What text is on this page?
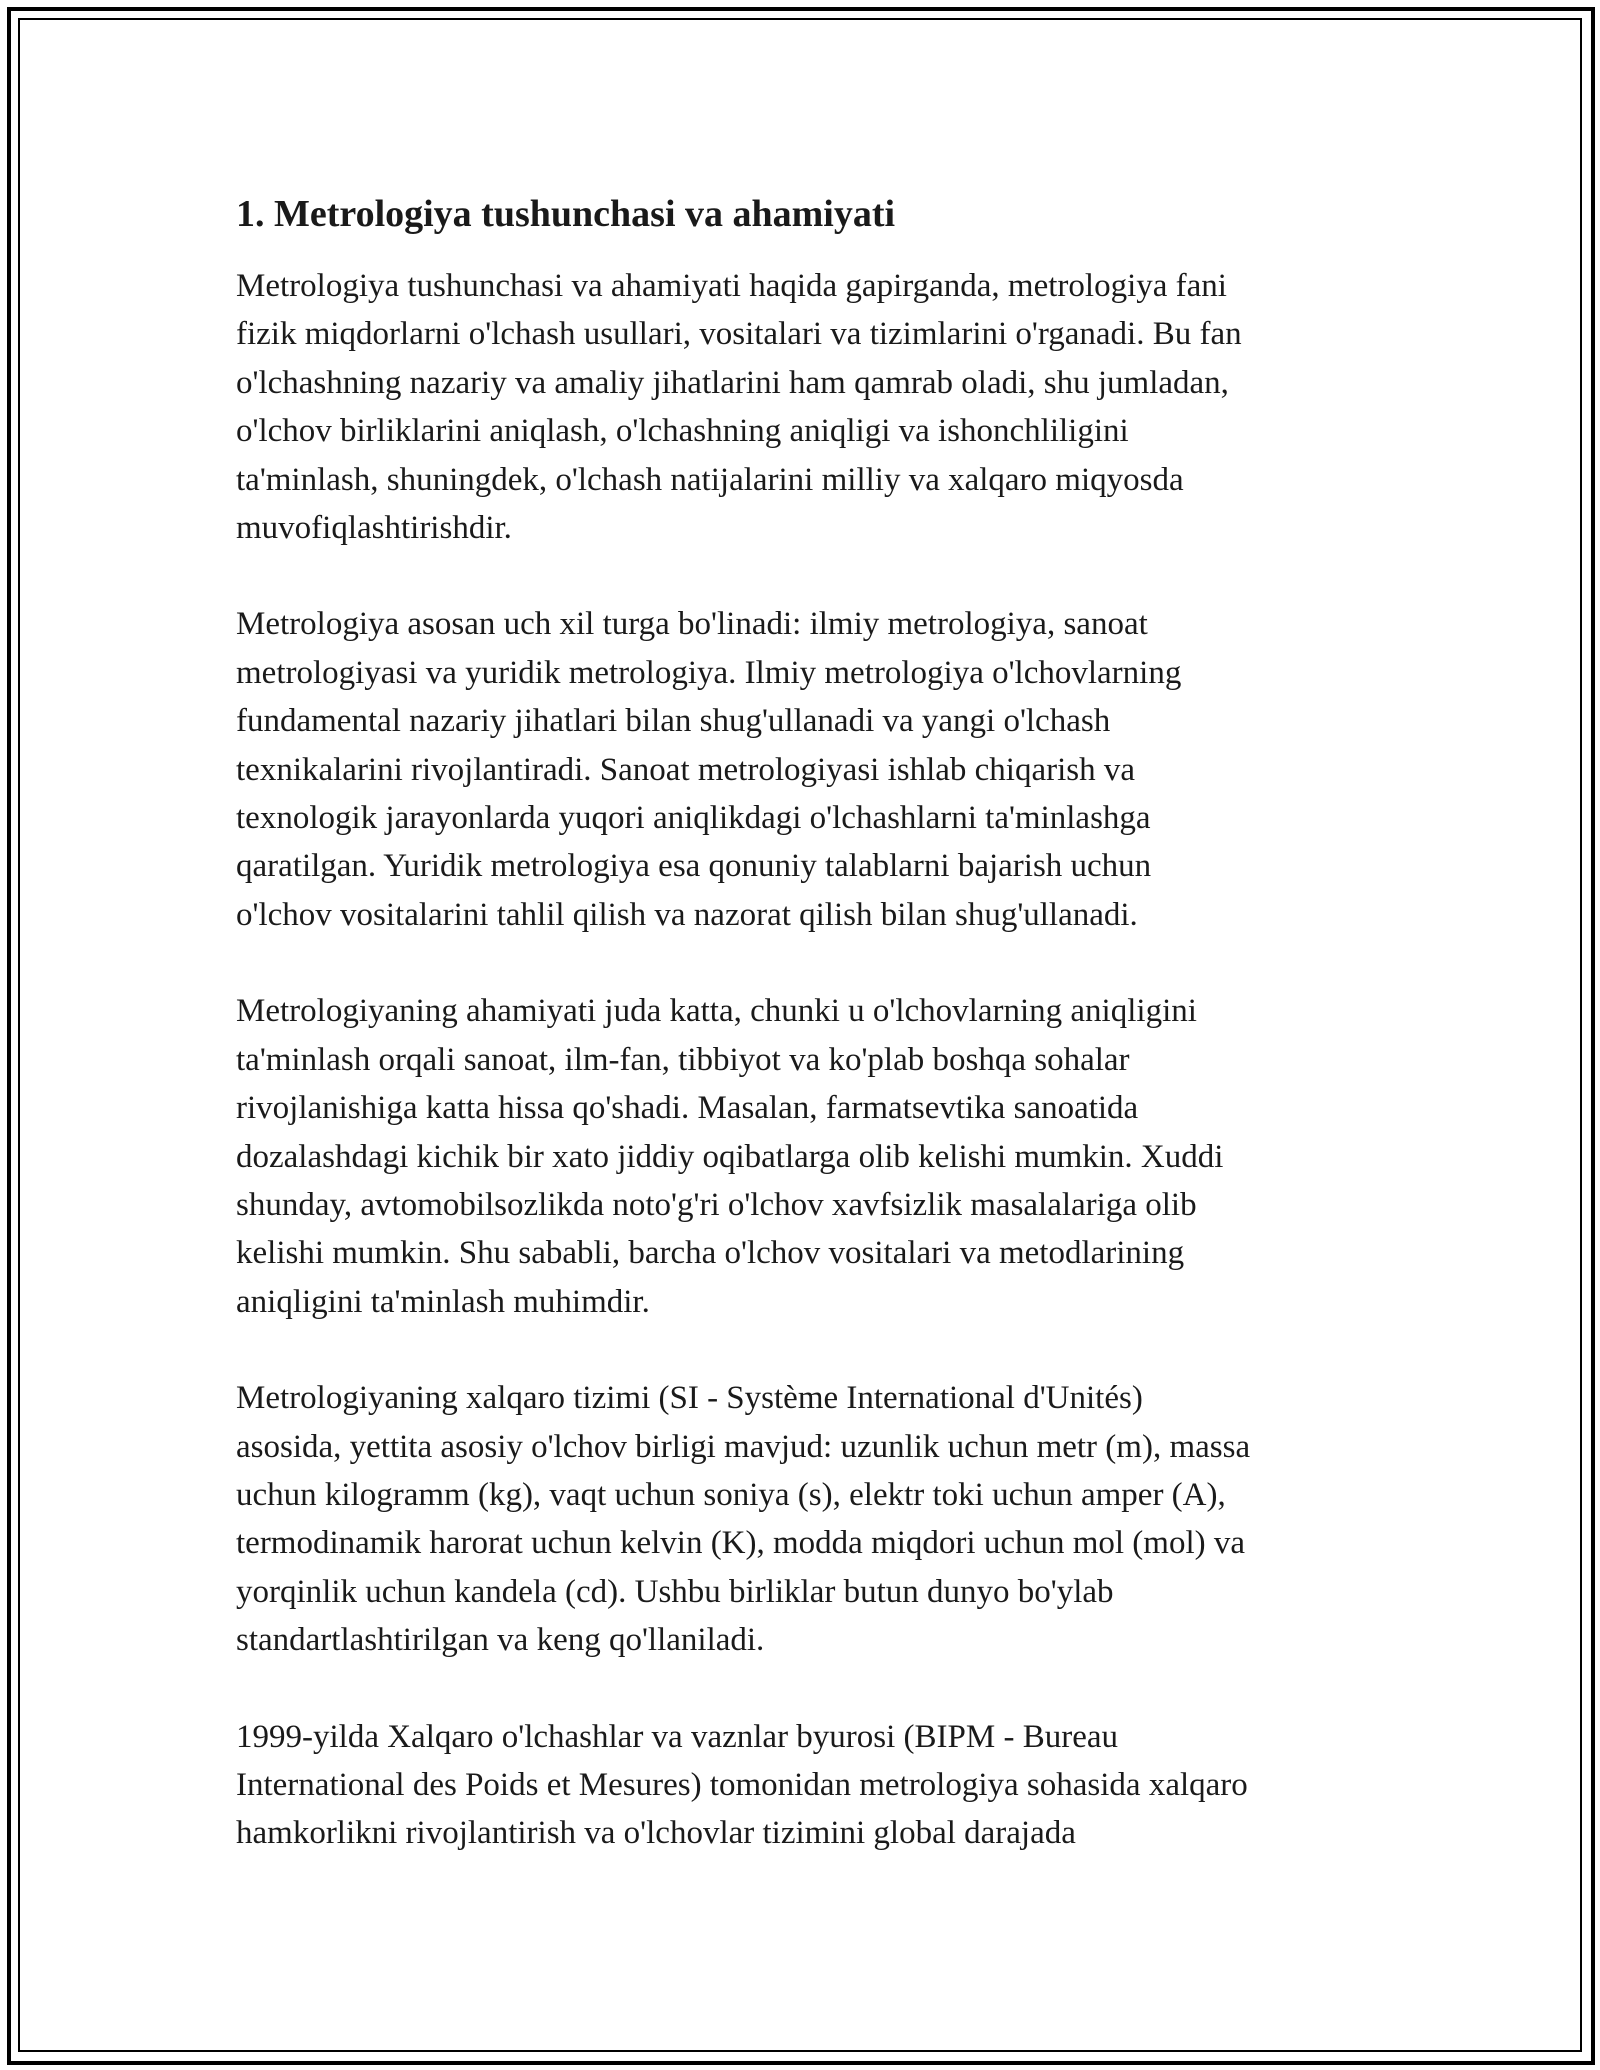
1. Metrologiya tushunchasi va ahamiyati

Metrologiya tushunchasi va ahamiyati haqida gapirganda, metrologiya fani
fizik miqdorlarni o'lchash usullari, vositalari va tizimlarini o'rganadi. Bu fan
o'lchashning nazariy va amaliy jihatlarini ham qamrab oladi, shu jumladan,
o'lchov birliklarini aniqlash, o'lchashning aniqligi va ishonchliligini
ta'minlash, shuningdek, o'lchash natijalarini milliy va xalqaro miqyosda
muvofiqlashtirishdir.

Metrologiya asosan uch xil turga bo'linadi: ilmiy metrologiya, sanoat
metrologiyasi va yuridik metrologiya. Ilmiy metrologiya o'lchovlarning
fundamental nazariy jihatlari bilan shug'ullanadi va yangi o'lchash
texnikalarini rivojlantiradi. Sanoat metrologiyasi ishlab chiqarish va
texnologik jarayonlarda yuqori aniqlikdagi o'lchashlarni ta'minlashga
qaratilgan. Yuridik metrologiya esa qonuniy talablarni bajarish uchun
o'lchov vositalarini tahlil qilish va nazorat qilish bilan shug'ullanadi.

Metrologiyaning ahamiyati juda katta, chunki u o'lchovlarning aniqligini
ta'minlash orqali sanoat, ilm-fan, tibbiyot va ko'plab boshqa sohalar
rivojlanishiga katta hissa qo'shadi. Masalan, farmatsevtika sanoatida
dozalashdagi kichik bir xato jiddiy oqibatlarga olib kelishi mumkin. Xuddi
shunday, avtomobilsozlikda noto'g'ri o'lchov xavfsizlik masalalariga olib
kelishi mumkin. Shu sababli, barcha o'lchov vositalari va metodlarining
aniqligini ta'minlash muhimdir.

Metrologiyaning xalqaro tizimi (SI - Système International d'Unités)
asosida, yettita asosiy o'lchov birligi mavjud: uzunlik uchun metr (m), massa
uchun kilogramm (kg), vaqt uchun soniya (s), elektr toki uchun amper (A),
termodinamik harorat uchun kelvin (K), modda miqdori uchun mol (mol) va
yorqinlik uchun kandela (cd). Ushbu birliklar butun dunyo bo'ylab
standartlashtirilgan va keng qo'llaniladi.

1999-yilda Xalqaro o'lchashlar va vaznlar byurosi (BIPM - Bureau
International des Poids et Mesures) tomonidan metrologiya sohasida xalqaro
hamkorlikni rivojlantirish va o'lchovlar tizimini global darajada
